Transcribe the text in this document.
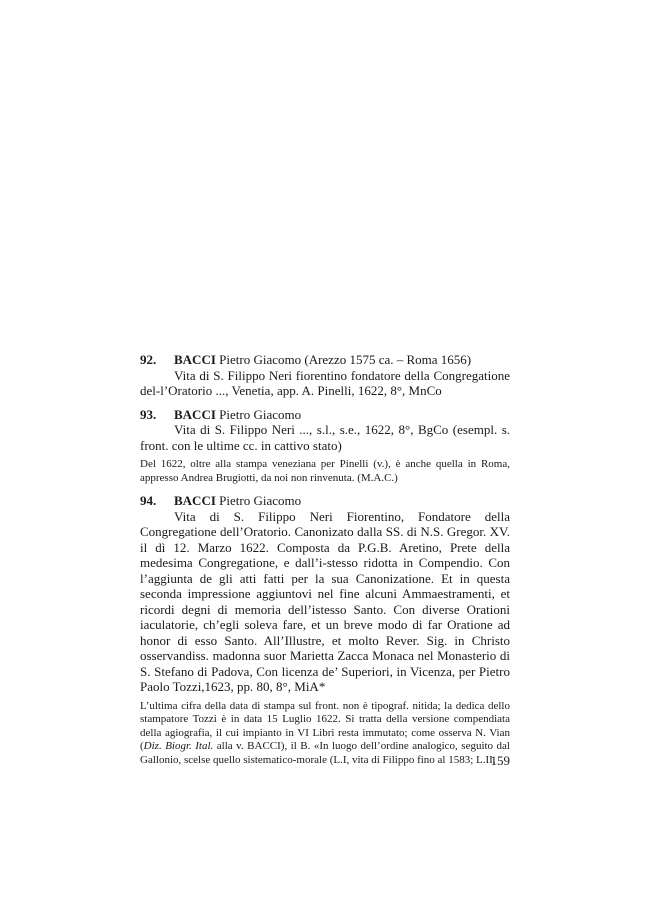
92. BACCI Pietro Giacomo (Arezzo 1575 ca. – Roma 1656)

Vita di S. Filippo Neri fiorentino fondatore della Congregatione del-l’Oratorio ..., Venetia, app. A. Pinelli, 1622, 8°, MnCo

93. BACCI Pietro Giacomo

Vita di S. Filippo Neri ..., s.l., s.e., 1622, 8°, BgCo (esempl. s. front. con le ultime cc. in cattivo stato)

Del 1622, oltre alla stampa veneziana per Pinelli (v.), è anche quella in Roma, appresso Andrea Brugiotti, da noi non rinvenuta. (M.A.C.)

94. BACCI Pietro Giacomo

Vita di S. Filippo Neri Fiorentino, Fondatore della Congregatione dell’Oratorio. Canonizato dalla SS. di N.S. Gregor. XV. il dì 12. Marzo 1622. Composta da P.G.B. Aretino, Prete della medesima Congregatione, e dall’i-stesso ridotta in Compendio. Con l’aggiunta de gli atti fatti per la sua Canonizatione. Et in questa seconda impressione aggiuntovi nel fine alcuni Ammaestramenti, et ricordi degni di memoria dell’istesso Santo. Con diverse Orationi iaculatorie, ch’egli soleva fare, et un breve modo di far Oratione ad honor di esso Santo. All’Illustre, et molto Rever. Sig. in Christo osservandiss. madonna suor Marietta Zacca Monaca nel Monasterio di S. Stefano di Padova, Con licenza de’ Superiori, in Vicenza, per Pietro Paolo Tozzi,1623, pp. 80, 8°, MiA*

L’ultima cifra della data di stampa sul front. non è tipograf. nitida; la dedica dello stampatore Tozzi è in data 15 Luglio 1622. Si tratta della versione compendiata della agiografia, il cui impianto in VI Libri resta immutato; come osserva N. Vian (Diz. Biogr. Ital. alla v. BACCI), il B. «In luogo dell’ordine analogico, seguito dal Gallonio, scelse quello sistematico-morale (L.I, vita di Filippo fino al 1583; L.II,

159
